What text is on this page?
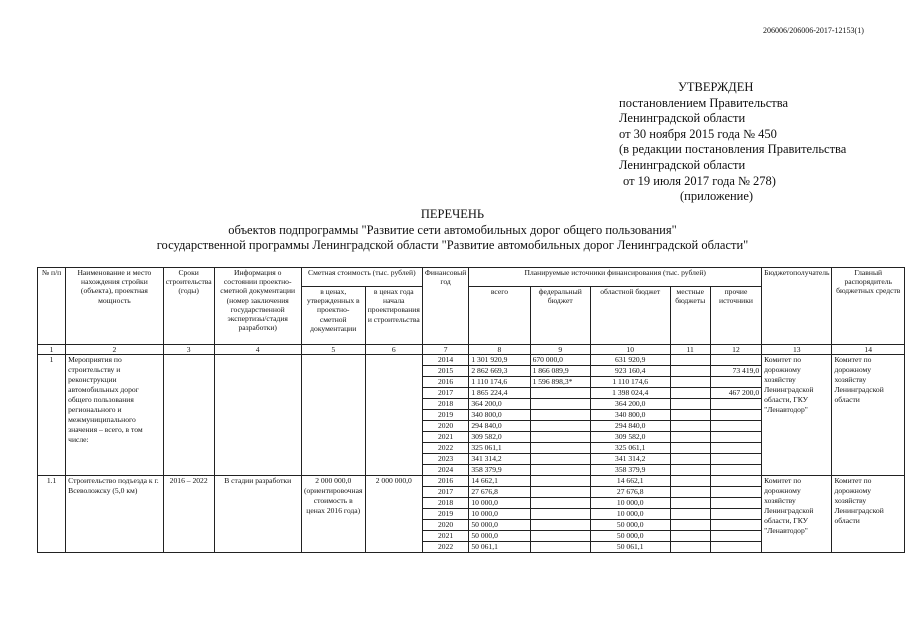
206006/206006-2017-12153(1)
УТВЕРЖДЕН
постановлением Правительства
Ленинградской области
от 30 ноября 2015 года № 450
(в редакции постановления Правительства
Ленинградской области
от 19 июля 2017 года № 278)
(приложение)
ПЕРЕЧЕНЬ
объектов подпрограммы "Развитие сети автомобильных дорог общего пользования"
государственной программы Ленинградской области "Развитие автомобильных дорог Ленинградской области"
№ п/п	Наименование и место нахождения стройки (объекта), проектная мощность	Сроки строительства (годы)	Информация о состоянии проектно-сметной документации (номер заключения государственной экспертизы/стадия разработки)	Сметная стоимость (тыс. рублей)		Финансовый год	Планируемые источники финансирования (тыс. рублей)					Бюджетополучатель	Главный распорядитель бюджетных средств
				в ценах, утвержденных в проектно-сметной документации	в ценах года начала проектирования и строительства		всего	федеральный бюджет	областной бюджет	местные бюджеты	прочие источники		
1	2	3	4	5	6	7	8	9	10	11	12	13	14
1	Мероприятия по строительству и реконструкции автомобильных дорог общего пользования регионального и межмуниципального значения – всего, в том числе:					2014	1 301 920,9	670 000,0	631 920,9			Комитет по дорожному хозяйству Ленинградской области, ГКУ "Ленавтодор"	Комитет по дорожному хозяйству Ленинградской области
						2015	2 862 669,3	1 866 089,9	923 160,4		73 419,0		
						2016	1 110 174,6	1 596 898,3*	1 110 174,6				
						2017	1 865 224,4		1 398 024,4		467 200,0		
						2018	364 200,0		364 200,0				
						2019	340 800,0		340 800,0				
						2020	294 840,0		294 840,0				
						2021	309 582,0		309 582,0				
						2022	325 061,1		325 061,1				
						2023	341 314,2		341 314,2				
						2024	358 379,9		358 379,9				
1.1	Строительство подъезда к г. Всеволожску (5,0 км)	2016 – 2022	В стадии разработки	2 000 000,0 (ориентировочная стоимость в ценах 2016 года)	2 000 000,0	2016	14 662,1		14 662,1			Комитет по дорожному хозяйству Ленинградской области, ГКУ "Ленавтодор"	Комитет по дорожному хозяйству Ленинградской области
						2017	27 676,8		27 676,8				
						2018	10 000,0		10 000,0				
						2019	10 000,0		10 000,0				
						2020	50 000,0		50 000,0				
						2021	50 000,0		50 000,0				
						2022	50 061,1		50 061,1				
